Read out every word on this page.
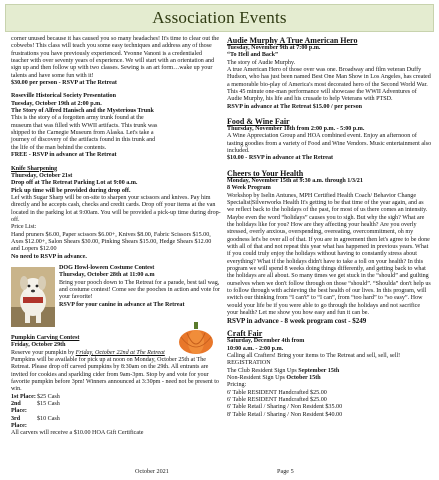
Association Events

corner unused because it has caused you so many headaches! It's time to clear out the cobwebs! This class will teach you some easy techniques and address any of those frustrations you have previously experienced. Yvonne Vanoni is a credentialed teacher with over seventy years of experience. We will start with an orientation and sign up and then follow up with two classes. Sewing is an art form…wake up your talents and have some fun with it!

$30.00 per person - RSVP at The Retreat

Roseville Historical Society Presentation

Tuesday, October 19th at 2:00 p.m.

The Story of Alfred Hanisch and the Mysterious Trunk

This is the story of a forgotten army trunk found at the museum that was filled with WWII artifacts. This trunk was shipped to the Carnegie Museum from Alaska. Let's take a journey of discovery of the artifacts found in this trunk and the life of the man behind the contents.

FREE - RSVP in advance at The Retreat

Knife Sharpening

Thursday, October 21st

Drop off at The Retreat Parking Lot at 9:00 a.m.

Pick up time will be provided during drop off.

Lef with Sugar Sharp will be on-site to sharpen your scissors and knives. Pay him directly and he accepts cash, checks and credit cards. Drop off your items at the van located in the parking lot at 9:00am. You will be provided a pick-up time during drop-off.

Price List:

Hand pruners $6.00, Paper scissors $6.00+, Knives $8.00, Fabric Scissors $15.00, Axes $12.00+, Salon Shears $30.00, Pinking Shears $15.00, Hedge Shears $12.00 and Lopers $12.00

No need to RSVP in advance.

DOG Howl-loween Costume Contest

Thursday, October 28th at 11:00 a.m

Bring your pooch down to The Retreat for a parade, best tail wag, and costume contest! Come see the pooches in action and vote for your favorite!

RSVP for your canine in advance at The Retreat

Pumpkin Carving Contest

Friday, October 29th

Reserve your pumpkin by Friday, October 22nd at The Retreat

Pumpkins will be available for pick up at noon on Monday, October 25th at The Retreat. Please drop off carved pumpkins by 8:30am on the 29th. All entrants are invited for cookies and sparkling cider from 9am-3pm. Stop by and vote for your favorite pumpkin before 3pm! Winners announced at 3:30pm - need not be present to win.

1st Place: $25 Cash
2nd Place:
$15 Cash
3rd Place:
$10 Cash

All carvers will receive a $10.00 HOA Gift Certificate

Audie Murphy A True American Hero

Tuesday, November 9th at 7:00 p.m.

“To Hell and Back”

The story of Audie Murphy.

A true American Hero of those over was one. Broadway and film veteran Duffy Hudson, who has just been named Best One Man Show in Los Angeles, has created a memorable bio-play of America's most decorated hero of the Second World War. This 45 minute one-man performance will showcase the WWII Adventures of Audie Murphy, his life and his crusade to help Veterans with PTSD.

RSVP in advance at The Retreat $15.00 / per person

Food & Wine Fair

Thursday, November 18th from 2:00 p.m. - 5:00 p.m.

A Wine Appreciation Group and HOA combined event. Enjoy an afternoon of tasting goodies from a variety of Food and Wine Vendors. Music entertainment also included.

$10.00 - RSVP in advance at The Retreat

Cheers to Your Health

Monday, November 15th at 9:30 a.m. through 1/3/21

8 Week Program

Workshop by Iselin Antunes, MPH Certified Health Coach/ Behavior Change Specialist|Silverworks Health It's getting to be that time of the year again, and as we reflect back to the holidays of the past, for most of us there comes an intensity. Maybe even the word “holidays” causes you to sigh. But why the sigh? What are the holidays like for you? How are they affecting your health? Are you overly stressed, overly anxious, overspending, overeating, overcommitment, oh my goodness let's be over all of that. If you are in agreement then let's agree to be done with all of that and not repeat this year what has happened in previous years. What if you could truly enjoy the holidays without having to constantly stress about everything? What if the holidays didn't have to take a toll on your health? In this program we will spend 8 weeks doing things differently, and getting back to what the holidays are all about. So many times we get stuck in the “should” and guilting ourselves when we don't follow through on those “should”. “Shoulda” don't help us to follow through with achieving the best health of our lives. In this program, will switch our thinking from “I can't” to “I can”, from “too hard” to “so easy”. How would your life be if you were able to go through the holidays and not sacrifice your health? Let me show you how easy and fun it can be.

RSVP in advance - 8 week program cost - $249

Craft Fair

Saturday, December 4th from

10:00 a.m. - 2:00 p.m.

Calling all Crafters! Bring your items to The Retreat and sell, sell, sell!

REGISTRATION

The Club Resident Sign Ups September 15th

Non-Resident Sign Ups October 15th

Pricing:

6' Table RESIDENT Handcrafted $25.00

6' Table RESIDENT Handcrafted $25.00

6' Table Retail / Sharing / Non Resident $35.00

8' Table Retail / Sharing / Non Resident $40.00

October 2021	Page 5
